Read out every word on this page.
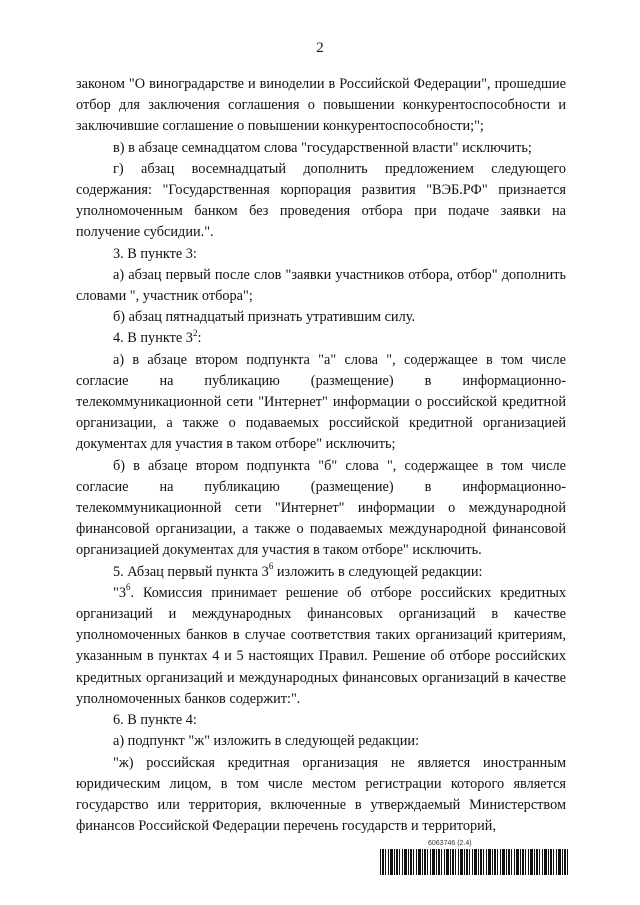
2

законом "О виноградарстве и виноделии в Российской Федерации", прошедшие отбор для заключения соглашения о повышении конкурентоспособности и заключившие соглашение о повышении конкурентоспособности;";

в) в абзаце семнадцатом слова "государственной власти" исключить;

г) абзац восемнадцатый дополнить предложением следующего содержания: "Государственная корпорация развития "ВЭБ.РФ" признается уполномоченным банком без проведения отбора при подаче заявки на получение субсидии.".

3. В пункте 3:

а) абзац первый после слов "заявки участников отбора, отбор" дополнить словами ", участник отбора";

б) абзац пятнадцатый признать утратившим силу.

4. В пункте $3^2$:

а) в абзаце втором подпункта "а" слова ", содержащее в том числе согласие на публикацию (размещение) в информационно-телекоммуникационной сети "Интернет" информации о российской кредитной организации, а также о подаваемых российской кредитной организацией документах для участия в таком отборе" исключить;

б) в абзаце втором подпункта "б" слова ", содержащее в том числе согласие на публикацию (размещение) в информационно-телекоммуникационной сети "Интернет" информации о международной финансовой организации, а также о подаваемых международной финансовой организацией документах для участия в таком отборе" исключить.

5. Абзац первый пункта $3^6$ изложить в следующей редакции:

"$3^6$. Комиссия принимает решение об отборе российских кредитных организаций и международных финансовых организаций в качестве уполномоченных банков в случае соответствия таких организаций критериям, указанным в пунктах 4 и 5 настоящих Правил. Решение об отборе российских кредитных организаций и международных финансовых организаций в качестве уполномоченных банков содержит:".

6. В пункте 4:

а) подпункт "ж" изложить в следующей редакции:

"ж) российская кредитная организация не является иностранным юридическим лицом, в том числе местом регистрации которого является государство или территория, включенные в утверждаемый Министерством финансов Российской Федерации перечень государств и территорий,

6063746 (2.4)
